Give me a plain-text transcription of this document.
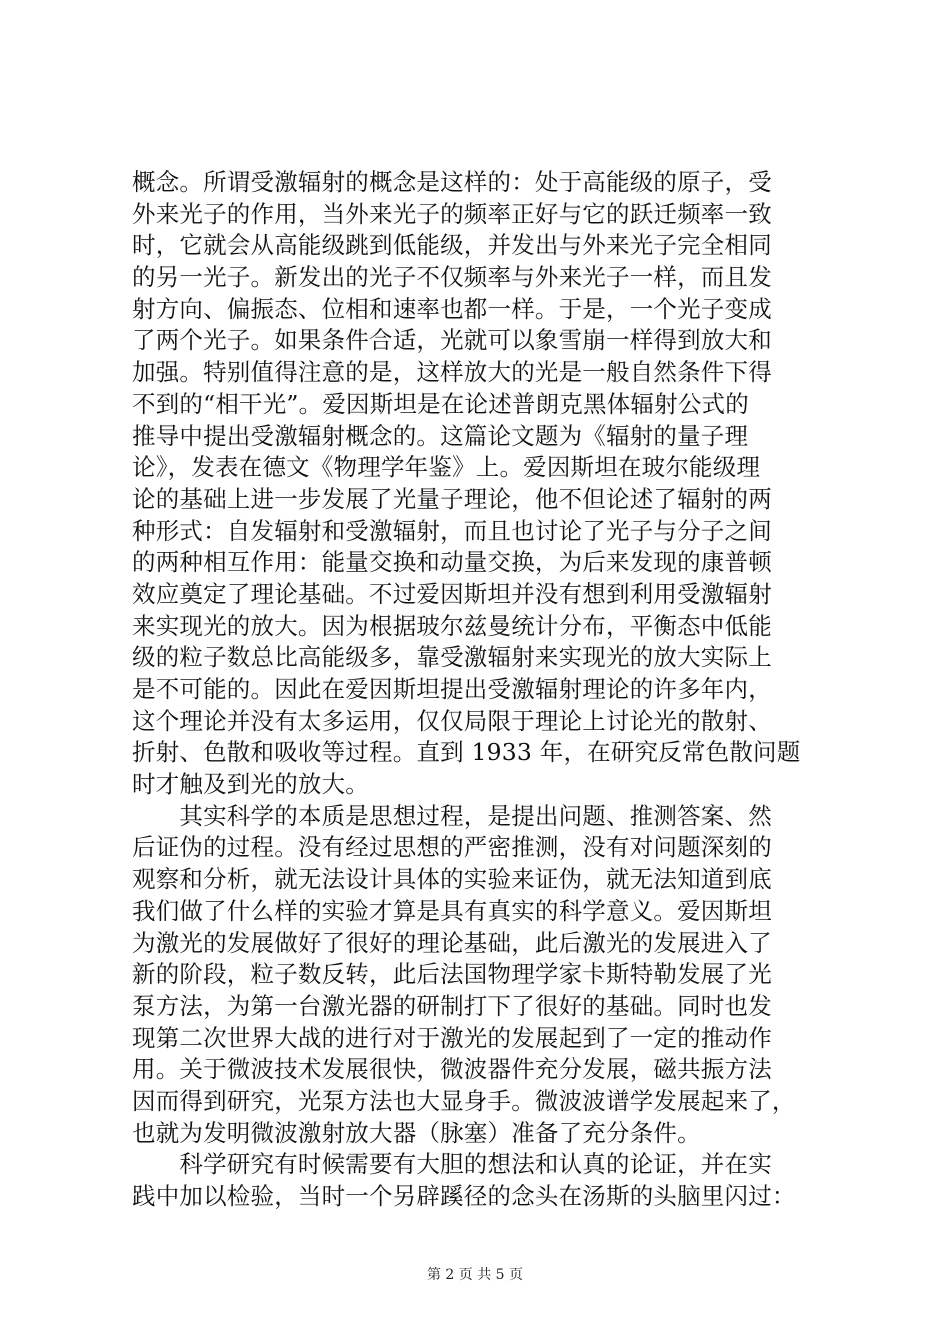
概念。所谓受激辐射的概念是这样的：处于高能级的原子，受
外来光子的作用，当外来光子的频率正好与它的跃迁频率一致
时，它就会从高能级跳到低能级，并发出与外来光子完全相同
的另一光子。新发出的光子不仅频率与外来光子一样，而且发
射方向、偏振态、位相和速率也都一样。于是，一个光子变成
了两个光子。如果条件合适，光就可以象雪崩一样得到放大和
加强。特别值得注意的是，这样放大的光是一般自然条件下得
不到的“相干光”。爱因斯坦是在论述普朗克黑体辐射公式的
推导中提出受激辐射概念的。这篇论文题为《辐射的量子理
论》，发表在德文《物理学年鉴》上。爱因斯坦在玻尔能级理
论的基础上进一步发展了光量子理论，他不但论述了辐射的两
种形式：自发辐射和受激辐射，而且也讨论了光子与分子之间
的两种相互作用：能量交换和动量交换，为后来发现的康普顿
效应奠定了理论基础。不过爱因斯坦并没有想到利用受激辐射
来实现光的放大。因为根据玻尔兹曼统计分布，平衡态中低能
级的粒子数总比高能级多，靠受激辐射来实现光的放大实际上
是不可能的。因此在爱因斯坦提出受激辐射理论的许多年内，
这个理论并没有太多运用，仅仅局限于理论上讨论光的散射、
折射、色散和吸收等过程。直到 1933 年，在研究反常色散问题
时才触及到光的放大。
　　其实科学的本质是思想过程，是提出问题、推测答案、然
后证伪的过程。没有经过思想的严密推测，没有对问题深刻的
观察和分析，就无法设计具体的实验来证伪，就无法知道到底
我们做了什么样的实验才算是具有真实的科学意义。爱因斯坦
为激光的发展做好了很好的理论基础，此后激光的发展进入了
新的阶段，粒子数反转，此后法国物理学家卡斯特勒发展了光
泵方法，为第一台激光器的研制打下了很好的基础。同时也发
现第二次世界大战的进行对于激光的发展起到了一定的推动作
用。关于微波技术发展很快，微波器件充分发展，磁共振方法
因而得到研究，光泵方法也大显身手。微波波谱学发展起来了，
也就为发明微波激射放大器（脉塞）准备了充分条件。
　　科学研究有时候需要有大胆的想法和认真的论证，并在实
践中加以检验，当时一个另辟蹊径的念头在汤斯的头脑里闪过：
第 2 页 共 5 页
